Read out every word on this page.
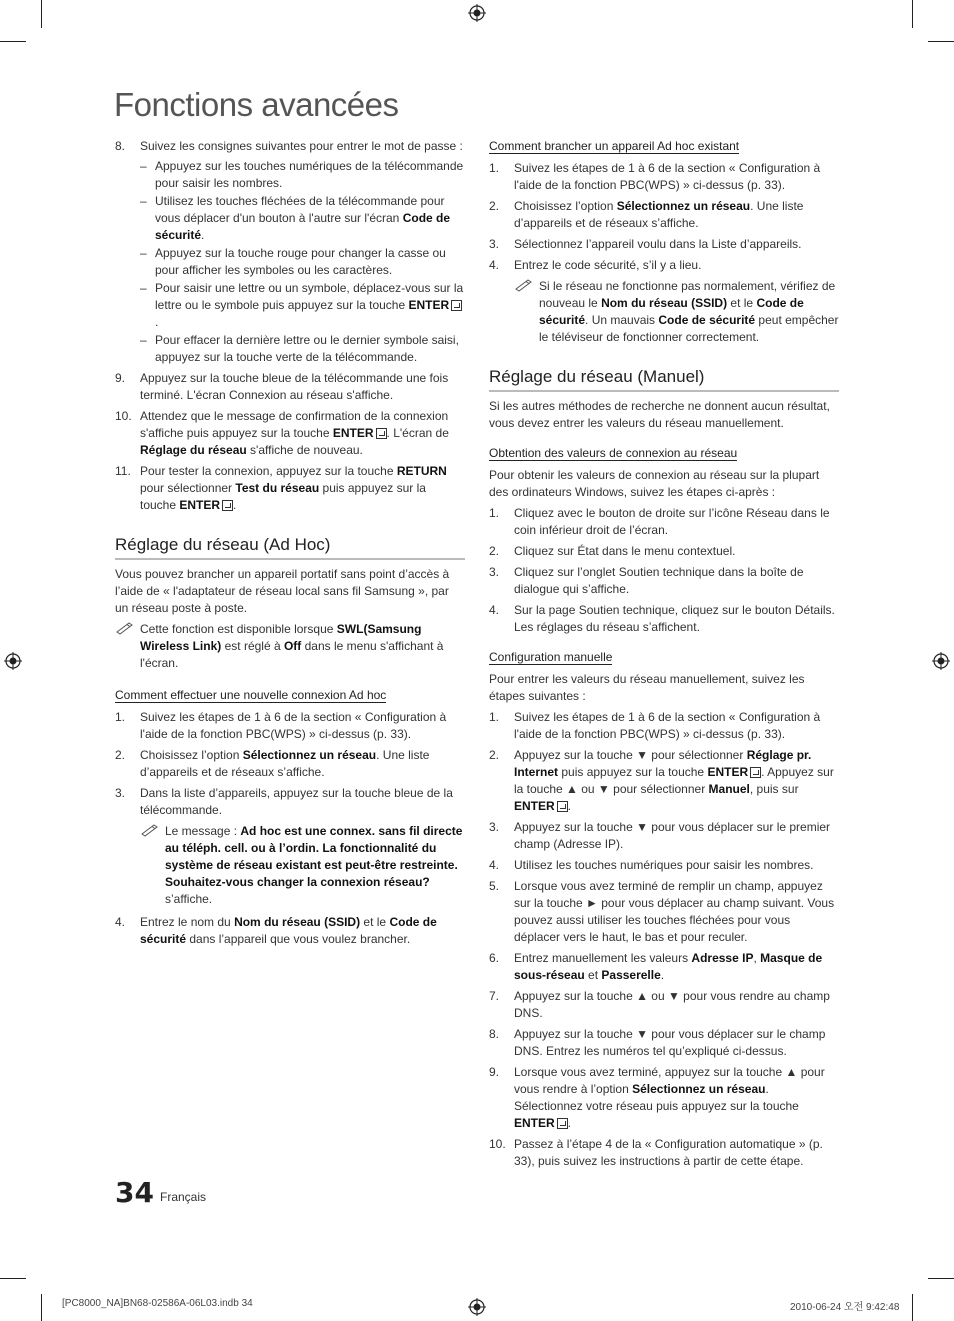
Fonctions avancées
8. Suivez les consignes suivantes pour entrer le mot de passe :
– Appuyez sur les touches numériques de la télécommande pour saisir les nombres.
– Utilisez les touches fléchées de la télécommande pour vous déplacer d'un bouton à l'autre sur l'écran Code de sécurité.
– Appuyez sur la touche rouge pour changer la casse ou pour afficher les symboles ou les caractères.
– Pour saisir une lettre ou un symbole, déplacez-vous sur la lettre ou le symbole puis appuyez sur la touche ENTER.
– Pour effacer la dernière lettre ou le dernier symbole saisi, appuyez sur la touche verte de la télécommande.
9. Appuyez sur la touche bleue de la télécommande une fois terminé. L'écran Connexion au réseau s'affiche.
10. Attendez que le message de confirmation de la connexion s'affiche puis appuyez sur la touche ENTER . L'écran de Réglage du réseau s'affiche de nouveau.
11. Pour tester la connexion, appuyez sur la touche RETURN pour sélectionner Test du réseau puis appuyez sur la touche ENTER .
Réglage du réseau (Ad Hoc)

Vous pouvez brancher un appareil portatif sans point d’accès à l’aide de « l'adaptateur de réseau local sans fil Samsung », par un réseau poste à poste.

Cette fonction est disponible lorsque SWL(Samsung Wireless Link) est réglé à Off dans le menu s'affichant à l'écran.
Comment effectuer une nouvelle connexion Ad hoc
1. Suivez les étapes de 1 à 6 de la section « Configuration à l'aide de la fonction PBC(WPS) » ci-dessus (p. 33).
2. Choisissez l’option Sélectionnez un réseau. Une liste d’appareils et de réseaux s’affiche.
3. Dans la liste d’appareils, appuyez sur la touche bleue de la télécommande.
Le message : Ad hoc est une connex. sans fil directe au téléph. cell. ou à l’ordin. La fonctionnalité du système de réseau existant est peut-être restreinte. Souhaitez-vous changer la connexion réseau? s’affiche.
4. Entrez le nom du Nom du réseau (SSID) et le Code de sécurité dans l’appareil que vous voulez brancher.
Comment brancher un appareil Ad hoc existant
1. Suivez les étapes de 1 à 6 de la section « Configuration à l'aide de la fonction PBC(WPS) » ci-dessus (p. 33).
2. Choisissez l’option Sélectionnez un réseau. Une liste d’appareils et de réseaux s’affiche.
3. Sélectionnez l’appareil voulu dans la Liste d’appareils.
4. Entrez le code sécurité, s’il y a lieu.
Si le réseau ne fonctionne pas normalement, vérifiez de nouveau le Nom du réseau (SSID) et le Code de sécurité. Un mauvais Code de sécurité peut empêcher le téléviseur de fonctionner correctement.
Réglage du réseau (Manuel)

Si les autres méthodes de recherche ne donnent aucun résultat, vous devez entrer les valeurs du réseau manuellement.

Obtention des valeurs de connexion au réseau

Pour obtenir les valeurs de connexion au réseau sur la plupart des ordinateurs Windows, suivez les étapes ci-après :

1. Cliquez avec le bouton de droite sur l’icône Réseau dans le coin inférieur droit de l’écran.
2. Cliquez sur État dans le menu contextuel.
3. Cliquez sur l’onglet Soutien technique dans la boîte de dialogue qui s’affiche.
4. Sur la page Soutien technique, cliquez sur le bouton Détails. Les réglages du réseau s’affichent.
Configuration manuelle

Pour entrer les valeurs du réseau manuellement, suivez les étapes suivantes :

1. Suivez les étapes de 1 à 6 de la section « Configuration à l'aide de la fonction PBC(WPS) » ci-dessus (p. 33).
2. Appuyez sur la touche ▼ pour sélectionner Réglage pr. Internet puis appuyez sur la touche ENTER . Appuyez sur la touche ▲ ou ▼ pour sélectionner Manuel, puis sur ENTER .
3. Appuyez sur la touche ▼ pour vous déplacer sur le premier champ (Adresse IP).
4. Utilisez les touches numériques pour saisir les nombres.
5. Lorsque vous avez terminé de remplir un champ, appuyez sur la touche ► pour vous déplacer au champ suivant. Vous pouvez aussi utiliser les touches fléchées pour vous déplacer vers le haut, le bas et pour reculer.
6. Entrez manuellement les valeurs Adresse IP, Masque de sous-réseau et Passerelle.
7. Appuyez sur la touche ▲ ou ▼ pour vous rendre au champ DNS.
8. Appuyez sur la touche ▼ pour vous déplacer sur le champ DNS. Entrez les numéros tel qu’expliqué ci-dessus.
9. Lorsque vous avez terminé, appuyez sur la touche ▲ pour vous rendre à l’option Sélectionnez un réseau. Sélectionnez votre réseau puis appuyez sur la touche ENTER .
10. Passez à l’étape 4 de la « Configuration automatique » (p. 33), puis suivez les instructions à partir de cette étape.
34 Français
[PC8000_NA]BN68-02586A-06L03.indb 34	2010-06-24 오전 9:42:48
